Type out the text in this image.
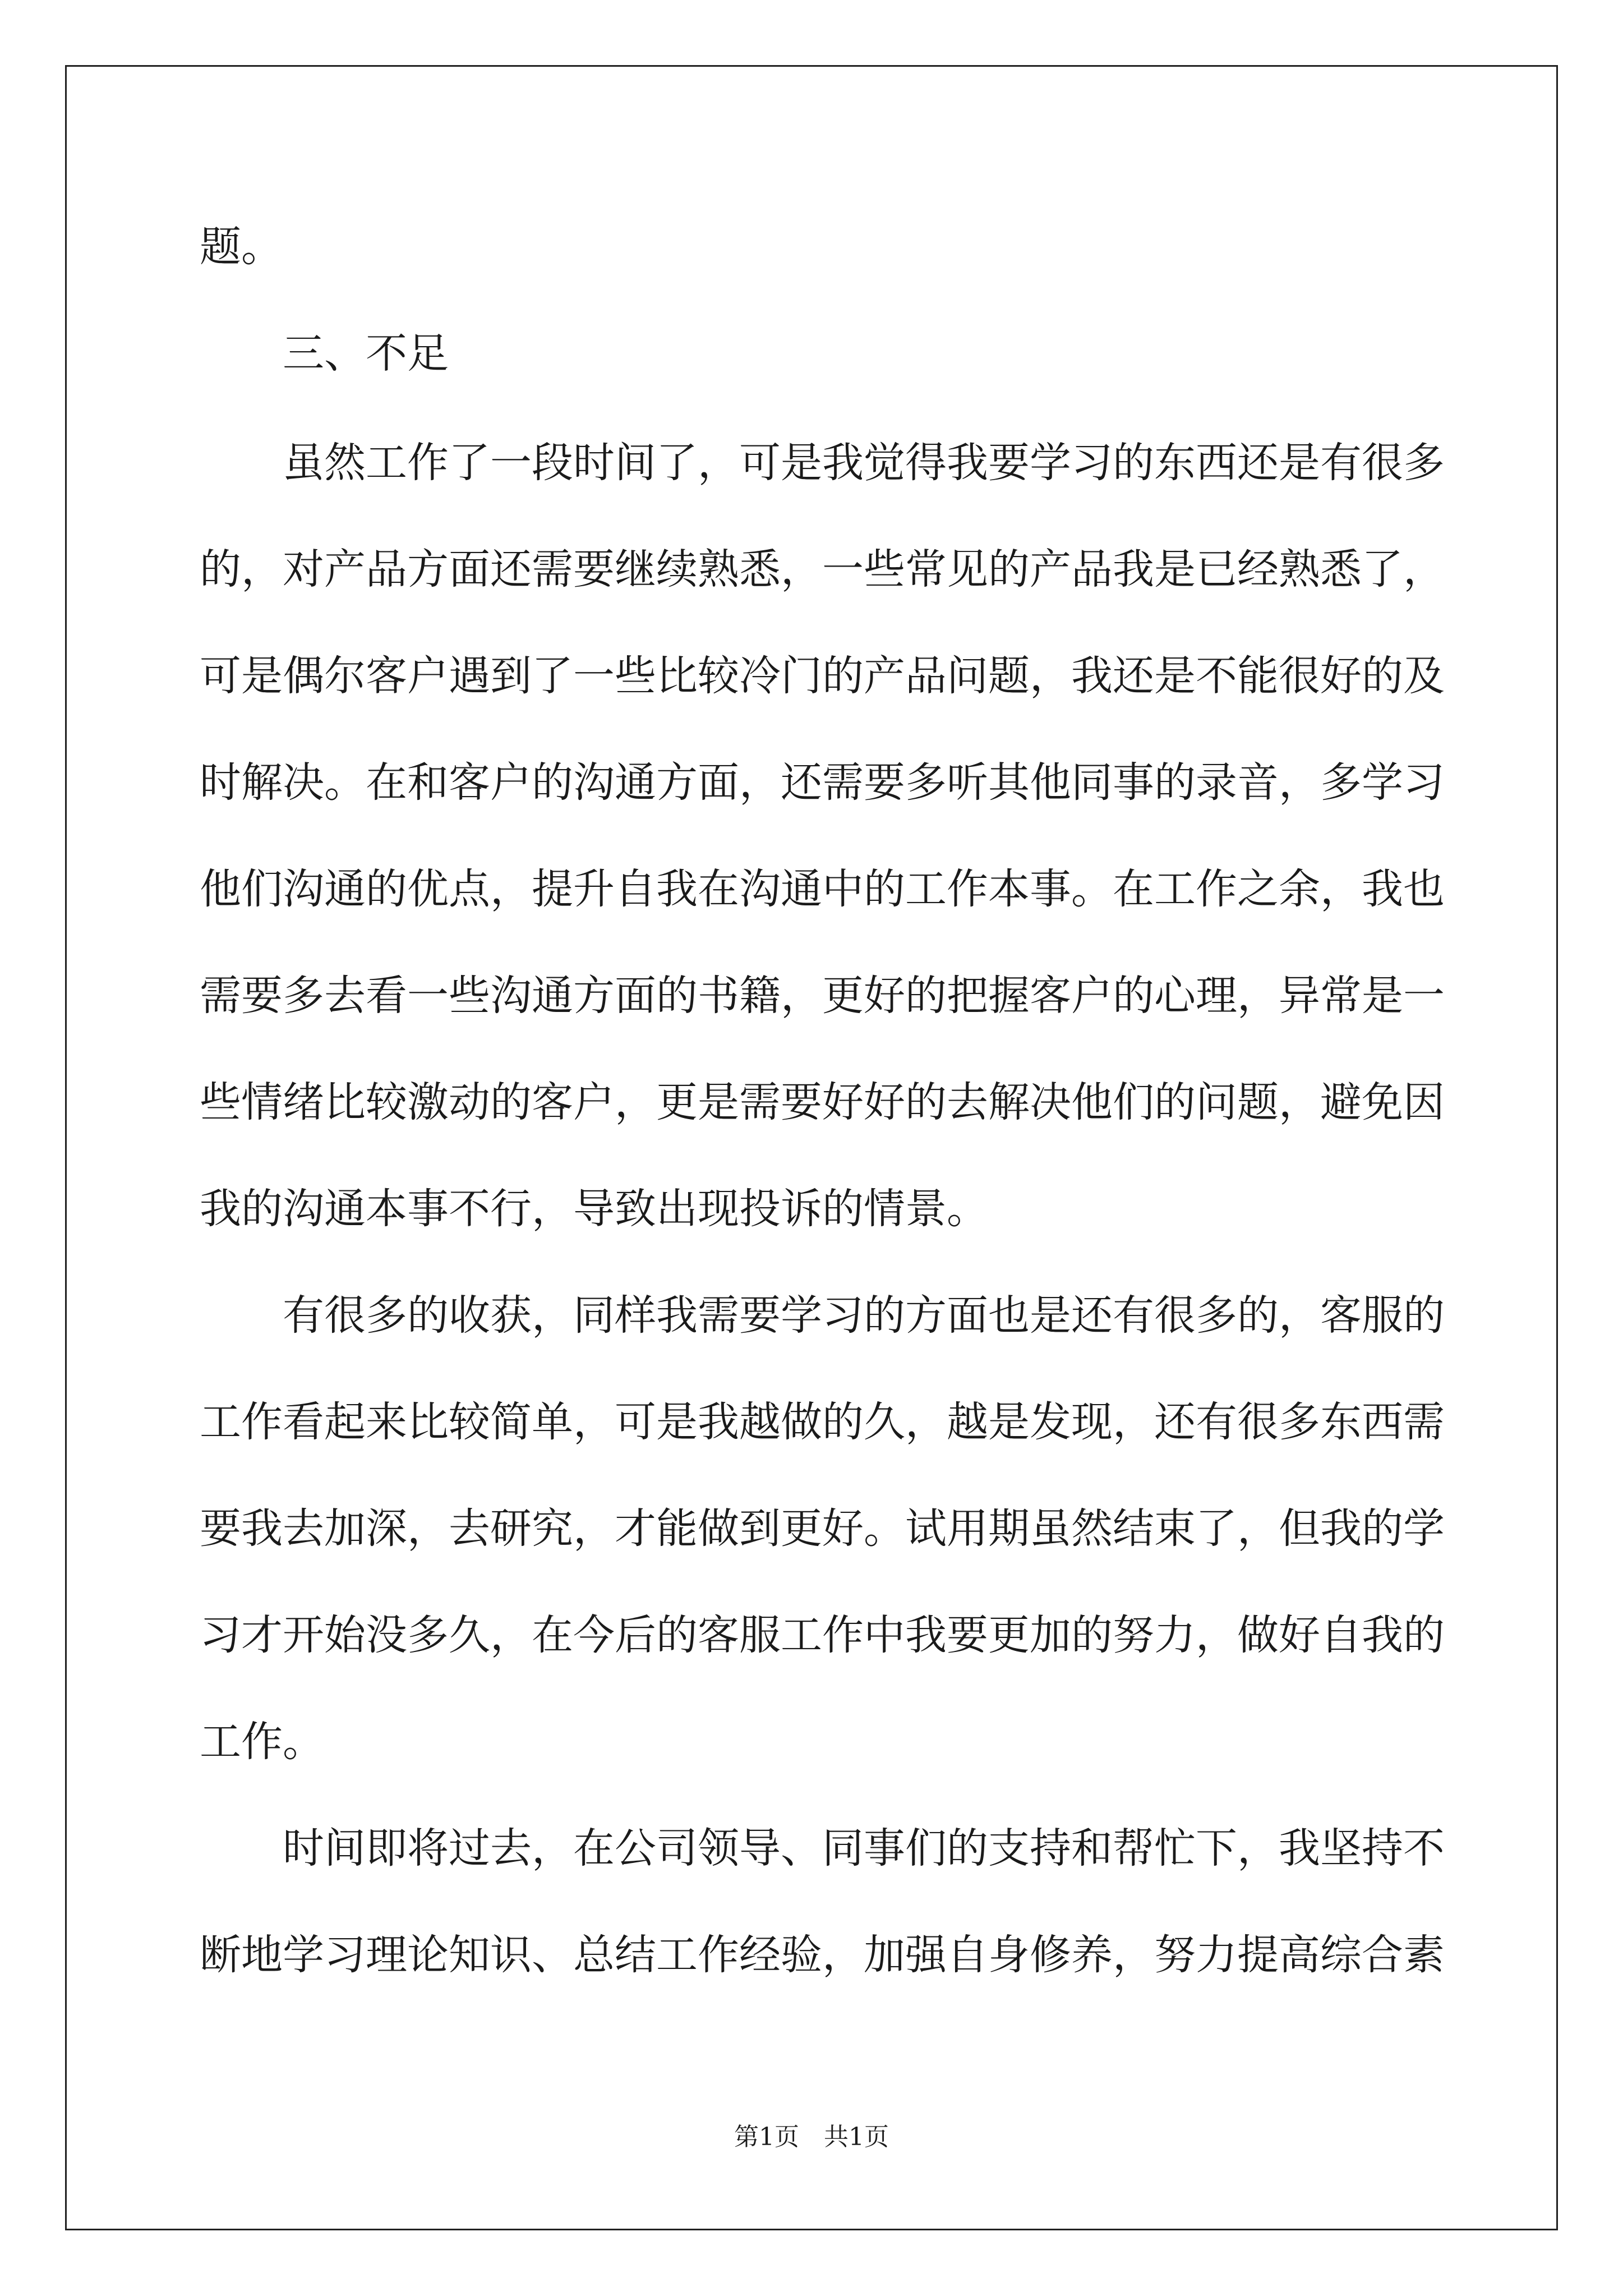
题。
　　三、不足
　　虽然工作了一段时间了，可是我觉得我要学习的东西还是有很多
的，对产品方面还需要继续熟悉，一些常见的产品我是已经熟悉了，
可是偶尔客户遇到了一些比较冷门的产品问题，我还是不能很好的及
时解决。在和客户的沟通方面，还需要多听其他同事的录音，多学习
他们沟通的优点，提升自我在沟通中的工作本事。在工作之余，我也
需要多去看一些沟通方面的书籍，更好的把握客户的心理，异常是一
些情绪比较激动的客户，更是需要好好的去解决他们的问题，避免因
我的沟通本事不行，导致出现投诉的情景。
　　有很多的收获，同样我需要学习的方面也是还有很多的，客服的
工作看起来比较简单，可是我越做的久，越是发现，还有很多东西需
要我去加深，去研究，才能做到更好。试用期虽然结束了，但我的学
习才开始没多久，在今后的客服工作中我要更加的努力，做好自我的
工作。
　　时间即将过去，在公司领导、同事们的支持和帮忙下，我坚持不
断地学习理论知识、总结工作经验，加强自身修养，努力提高综合素
第1页 共1页
